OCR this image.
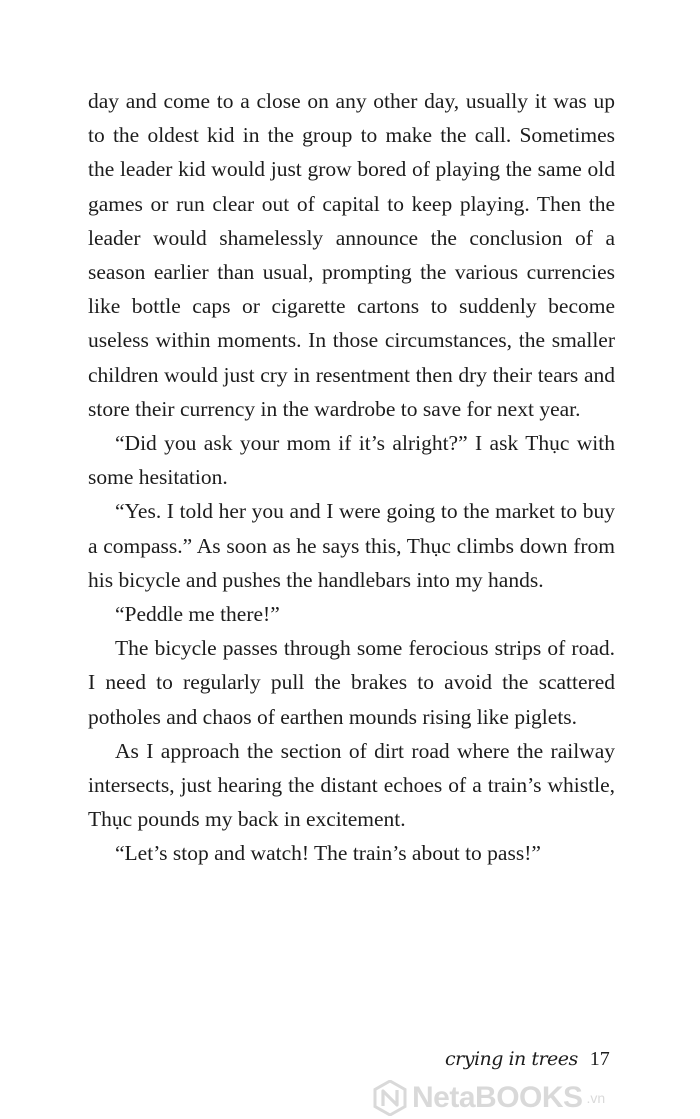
day and come to a close on any other day, usually it was up to the oldest kid in the group to make the call. Sometimes the leader kid would just grow bored of playing the same old games or run clear out of capital to keep playing. Then the leader would shamelessly announce the conclusion of a season earlier than usual, prompting the various currencies like bottle caps or cigarette cartons to suddenly become useless within moments. In those circumstances, the smaller children would just cry in resentment then dry their tears and store their currency in the wardrobe to save for next year.

“Did you ask your mom if it’s alright?” I ask Thục with some hesitation.

“Yes. I told her you and I were going to the market to buy a compass.” As soon as he says this, Thục climbs down from his bicycle and pushes the handlebars into my hands.

“Peddle me there!”

The bicycle passes through some ferocious strips of road. I need to regularly pull the brakes to avoid the scattered potholes and chaos of earthen mounds rising like piglets.

As I approach the section of dirt road where the railway intersects, just hearing the distant echoes of a train’s whistle, Thục pounds my back in excitement.

“Let’s stop and watch! The train’s about to pass!”

crying in trees 17
NetaBOOKS .vn
